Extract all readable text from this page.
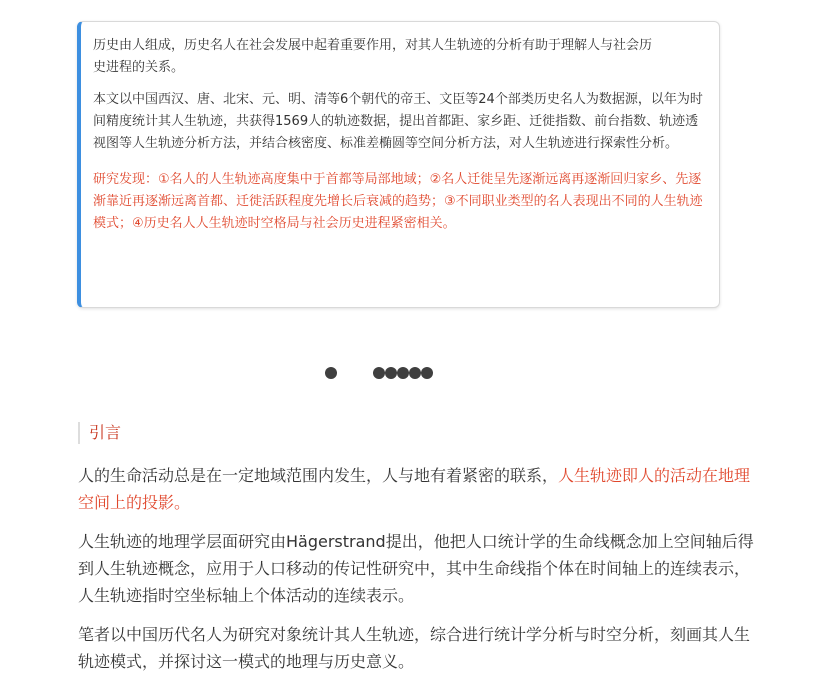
历史由人组成，历史名人在社会发展中起着重要作用，对其人生轨迹的分析有助于理解人与社会历
史进程的关系。

本文以中国西汉、唐、北宋、元、明、清等6个朝代的帝王、文臣等24个部类历史名人为数据源，以年为时间精度统计其人生轨迹，共获得1569人的轨迹数据，提出首都距、家乡距、迁徙指数、前台指数、轨迹透视图等人生轨迹分析方法，并结合核密度、标准差椭圆等空间分析方法，对人生轨迹进行探索性分析。

研究发现：①名人的人生轨迹高度集中于首都等局部地域；②名人迁徙呈先逐渐远离再逐渐回归家乡、先逐渐靠近再逐渐远离首都、迁徙活跃程度先增长后衰减的趋势；③不同职业类型的名人表现出不同的人生轨迹模式；④历史名人人生轨迹时空格局与社会历史进程紧密相关。

引言

人的生命活动总是在一定地域范围内发生，人与地有着紧密的联系，人生轨迹即人的活动在地理空间上的投影。

人生轨迹的地理学层面研究由Hägerstrand提出，他把人口统计学的生命线概念加上空间轴后得到人生轨迹概念，应用于人口移动的传记性研究中，其中生命线指个体在时间轴上的连续表示，人生轨迹指时空坐标轴上个体活动的连续表示。

笔者以中国历代名人为研究对象统计其人生轨迹，综合进行统计学分析与时空分析，刻画其人生轨迹模式，并探讨这一模式的地理与历史意义。
